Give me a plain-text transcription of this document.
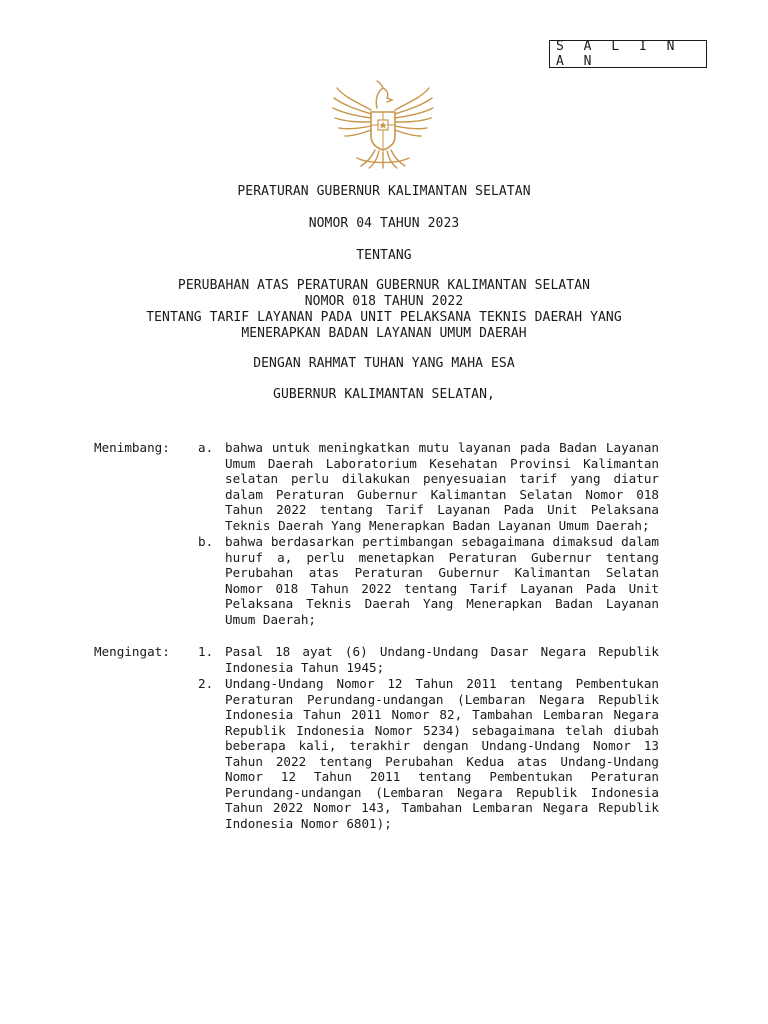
S A L I N A N
PERATURAN GUBERNUR KALIMANTAN SELATAN
NOMOR 04 TAHUN 2023
TENTANG
PERUBAHAN ATAS PERATURAN GUBERNUR KALIMANTAN SELATAN
NOMOR 018 TAHUN 2022
TENTANG TARIF LAYANAN PADA UNIT PELAKSANA TEKNIS DAERAH YANG
MENERAPKAN BADAN LAYANAN UMUM DAERAH
DENGAN RAHMAT TUHAN YANG MAHA ESA
GUBERNUR KALIMANTAN SELATAN,
Menimbang:	a. bahwa untuk meningkatkan mutu layanan pada Badan Layanan Umum Daerah Laboratorium Kesehatan Provinsi Kalimantan selatan perlu dilakukan penyesuaian tarif yang diatur dalam Peraturan Gubernur Kalimantan Selatan Nomor 018 Tahun 2022 tentang Tarif Layanan Pada Unit Pelaksana Teknis Daerah Yang Menerapkan Badan Layanan Umum Daerah;
b. bahwa berdasarkan pertimbangan sebagaimana dimaksud dalam huruf a, perlu menetapkan Peraturan Gubernur tentang Perubahan atas Peraturan Gubernur Kalimantan Selatan Nomor 018 Tahun 2022 tentang Tarif Layanan Pada Unit Pelaksana Teknis Daerah Yang Menerapkan Badan Layanan Umum Daerah;
Mengingat:	1. Pasal 18 ayat (6) Undang-Undang Dasar Negara Republik Indonesia Tahun 1945;
2. Undang-Undang Nomor 12 Tahun 2011 tentang Pembentukan Peraturan Perundang-undangan (Lembaran Negara Republik Indonesia Tahun 2011 Nomor 82, Tambahan Lembaran Negara Republik Indonesia Nomor 5234) sebagaimana telah diubah beberapa kali, terakhir dengan Undang-Undang Nomor 13 Tahun 2022 tentang Perubahan Kedua atas Undang-Undang Nomor 12 Tahun 2011 tentang Pembentukan Peraturan Perundang-undangan (Lembaran Negara Republik Indonesia Tahun 2022 Nomor 143, Tambahan Lembaran Negara Republik Indonesia Nomor 6801);
